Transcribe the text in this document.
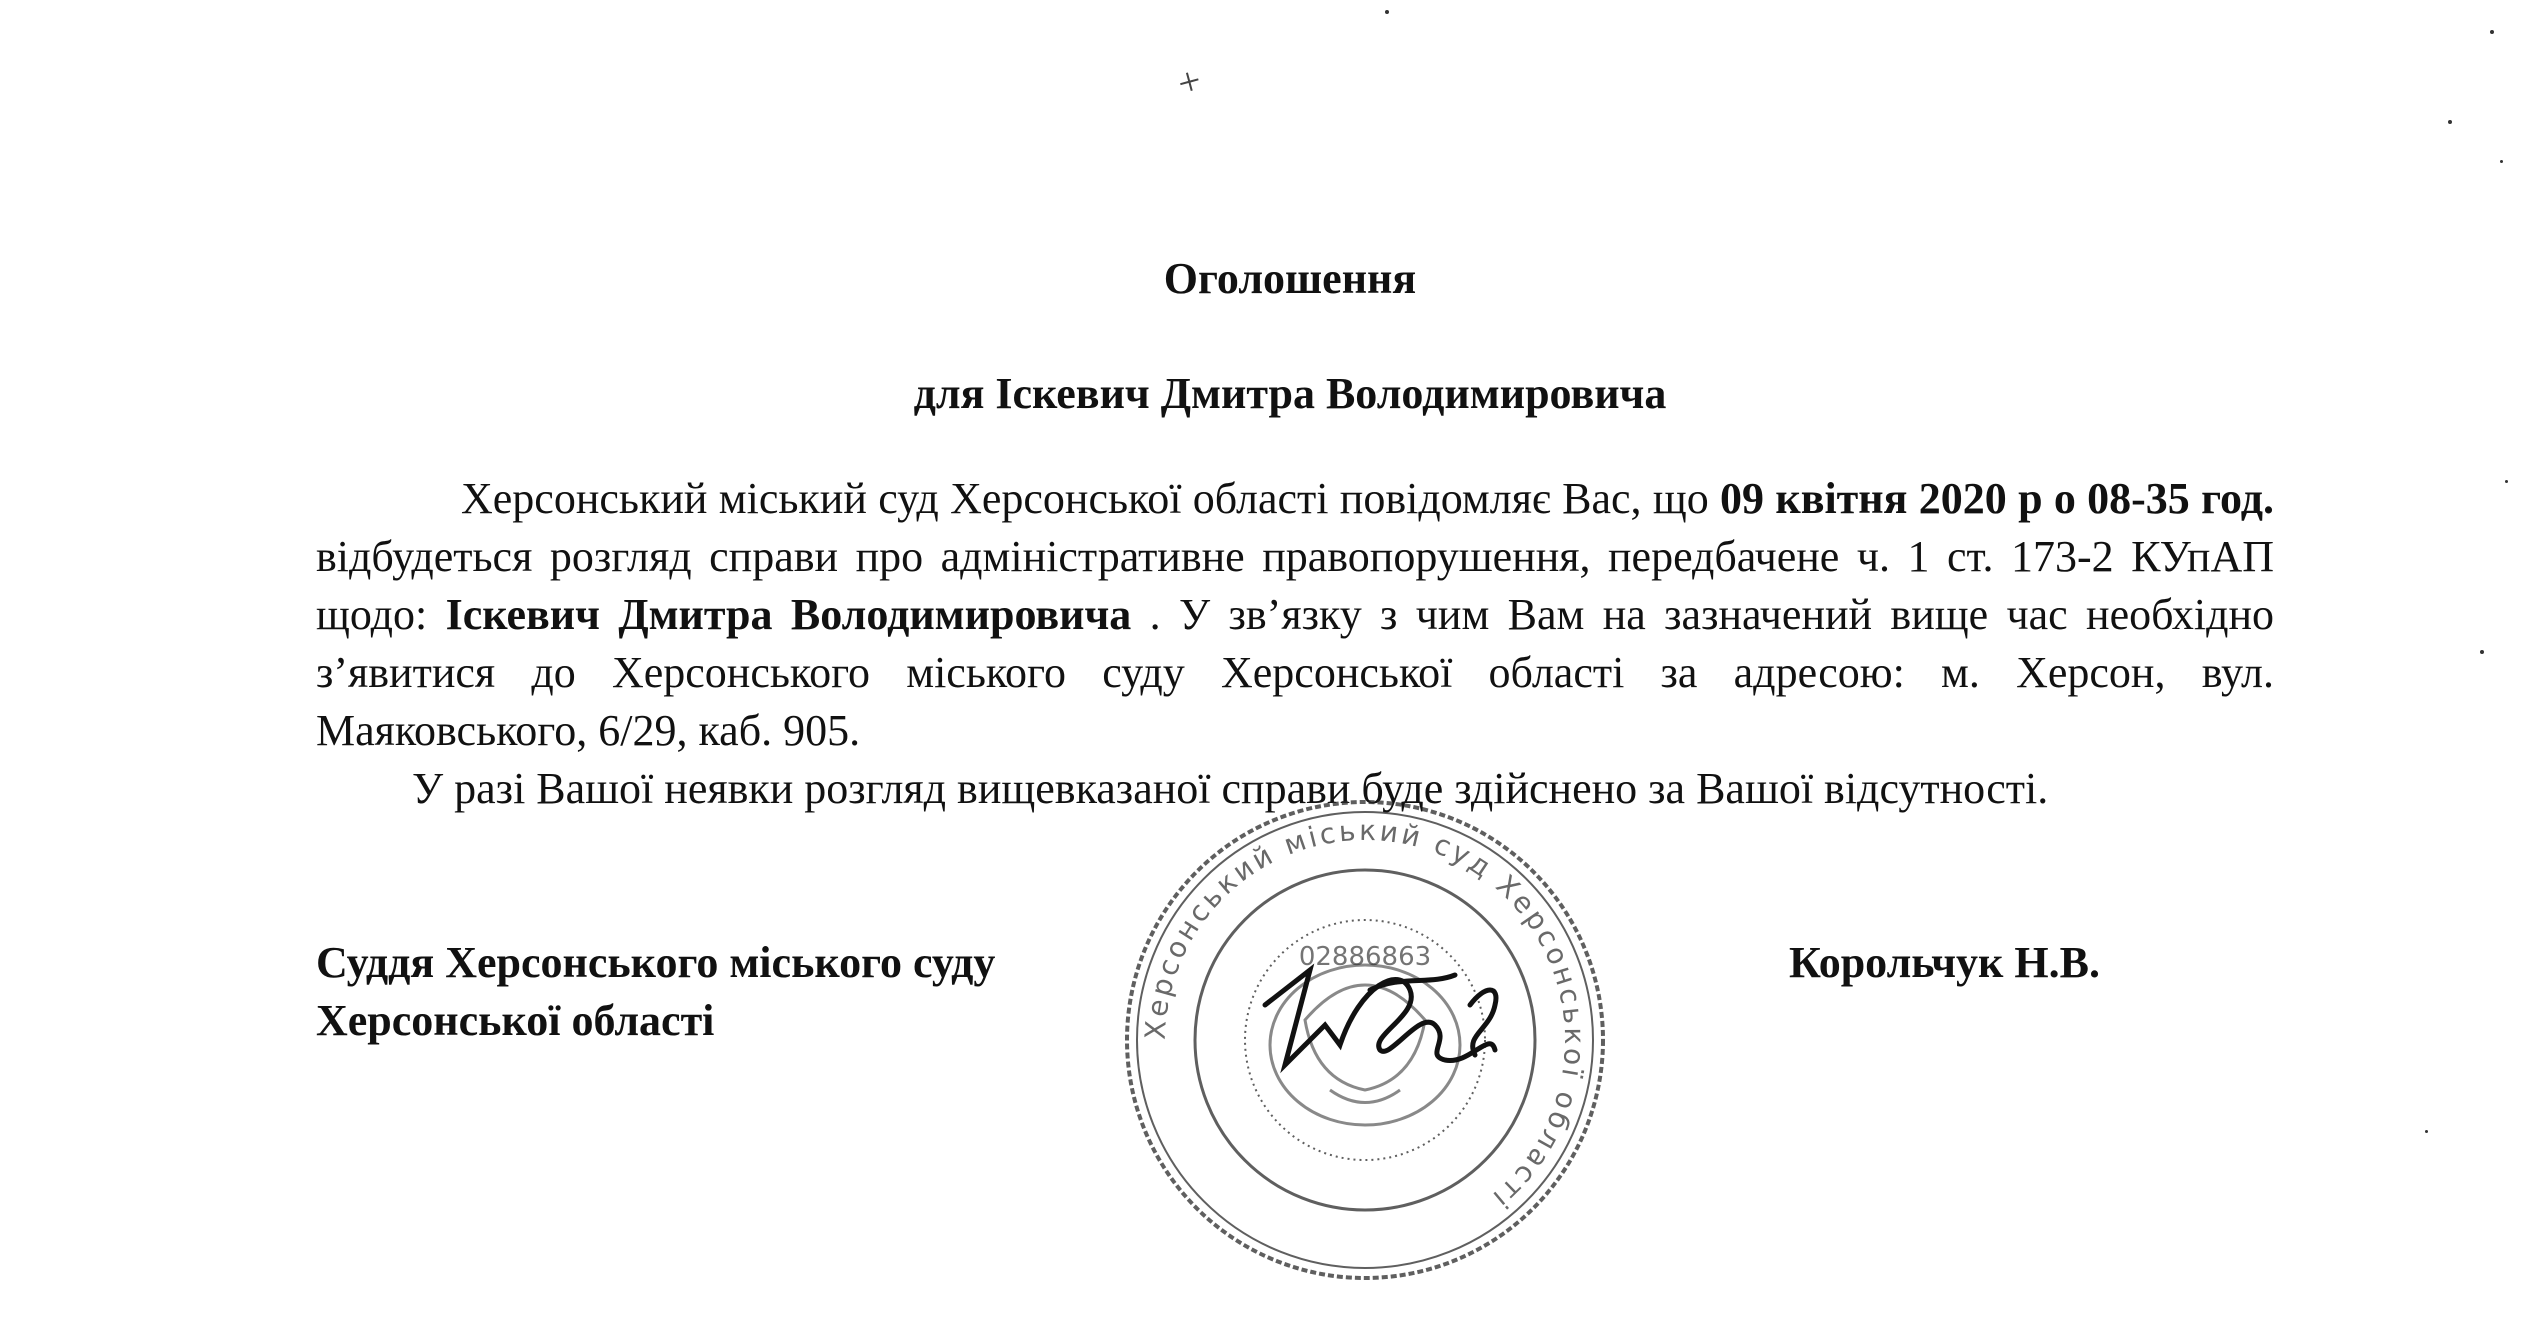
+
Оголошення
для Іскевич Дмитра Володимировича
Херсонський міський суд Херсонської області повідомляє Вас, що 09 квітня 2020 р о 08-35 год. відбудеться розгляд справи про адміністративне правопорушення, передбачене ч. 1 ст. 173-2 КУпАП щодо: Іскевич Дмитра Володимировича . У зв’язку з чим Вам на зазначений вище час необхідно з’явитися до Херсонського міського суду Херсонської області за адресою: м. Херсон, вул. Маяковського, 6/29, каб. 905.
У разі Вашої неявки розгляд вищевказаної справи буде здійснено за Вашої відсутності.
Суддя Херсонського міського суду
Херсонської області
Корольчук Н.В.
Херсонський міський суд Херсонської області
02886863
